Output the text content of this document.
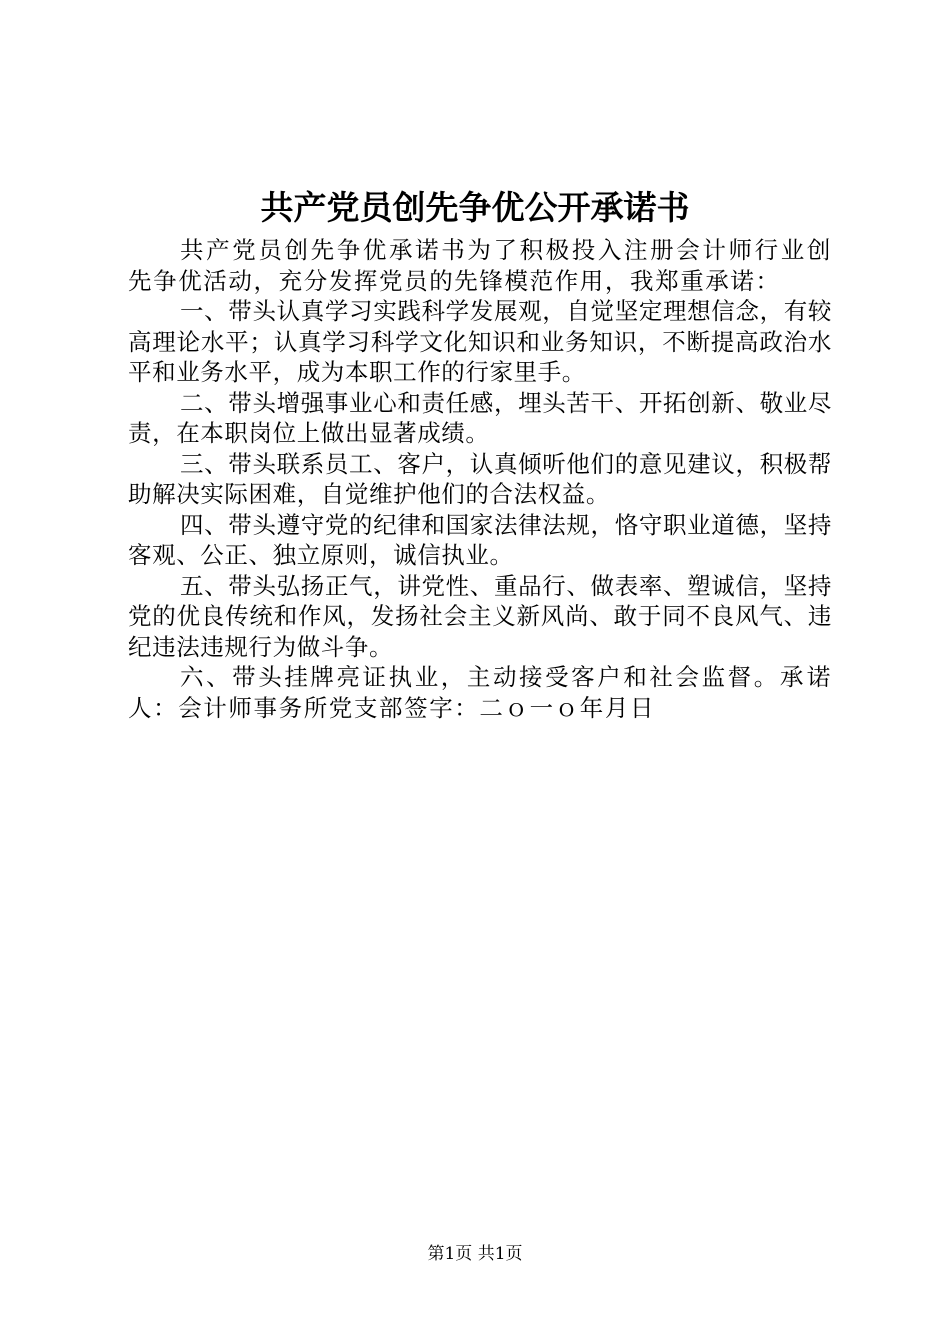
共产党员创先争优公开承诺书

共产党员创先争优承诺书为了积极投入注册会计师行业创先争优活动，充分发挥党员的先锋模范作用，我郑重承诺：

一、带头认真学习实践科学发展观，自觉坚定理想信念，有较高理论水平；认真学习科学文化知识和业务知识，不断提高政治水平和业务水平，成为本职工作的行家里手。

二、带头增强事业心和责任感，埋头苦干、开拓创新、敬业尽责，在本职岗位上做出显著成绩。

三、带头联系员工、客户，认真倾听他们的意见建议，积极帮助解决实际困难，自觉维护他们的合法权益。

四、带头遵守党的纪律和国家法律法规，恪守职业道德，坚持客观、公正、独立原则，诚信执业。

五、带头弘扬正气，讲党性、重品行、做表率、塑诚信，坚持党的优良传统和作风，发扬社会主义新风尚、敢于同不良风气、违纪违法违规行为做斗争。

六、带头挂牌亮证执业，主动接受客户和社会监督。承诺人：会计师事务所党支部签字：二ｏ一ｏ年月日

第1页 共1页
